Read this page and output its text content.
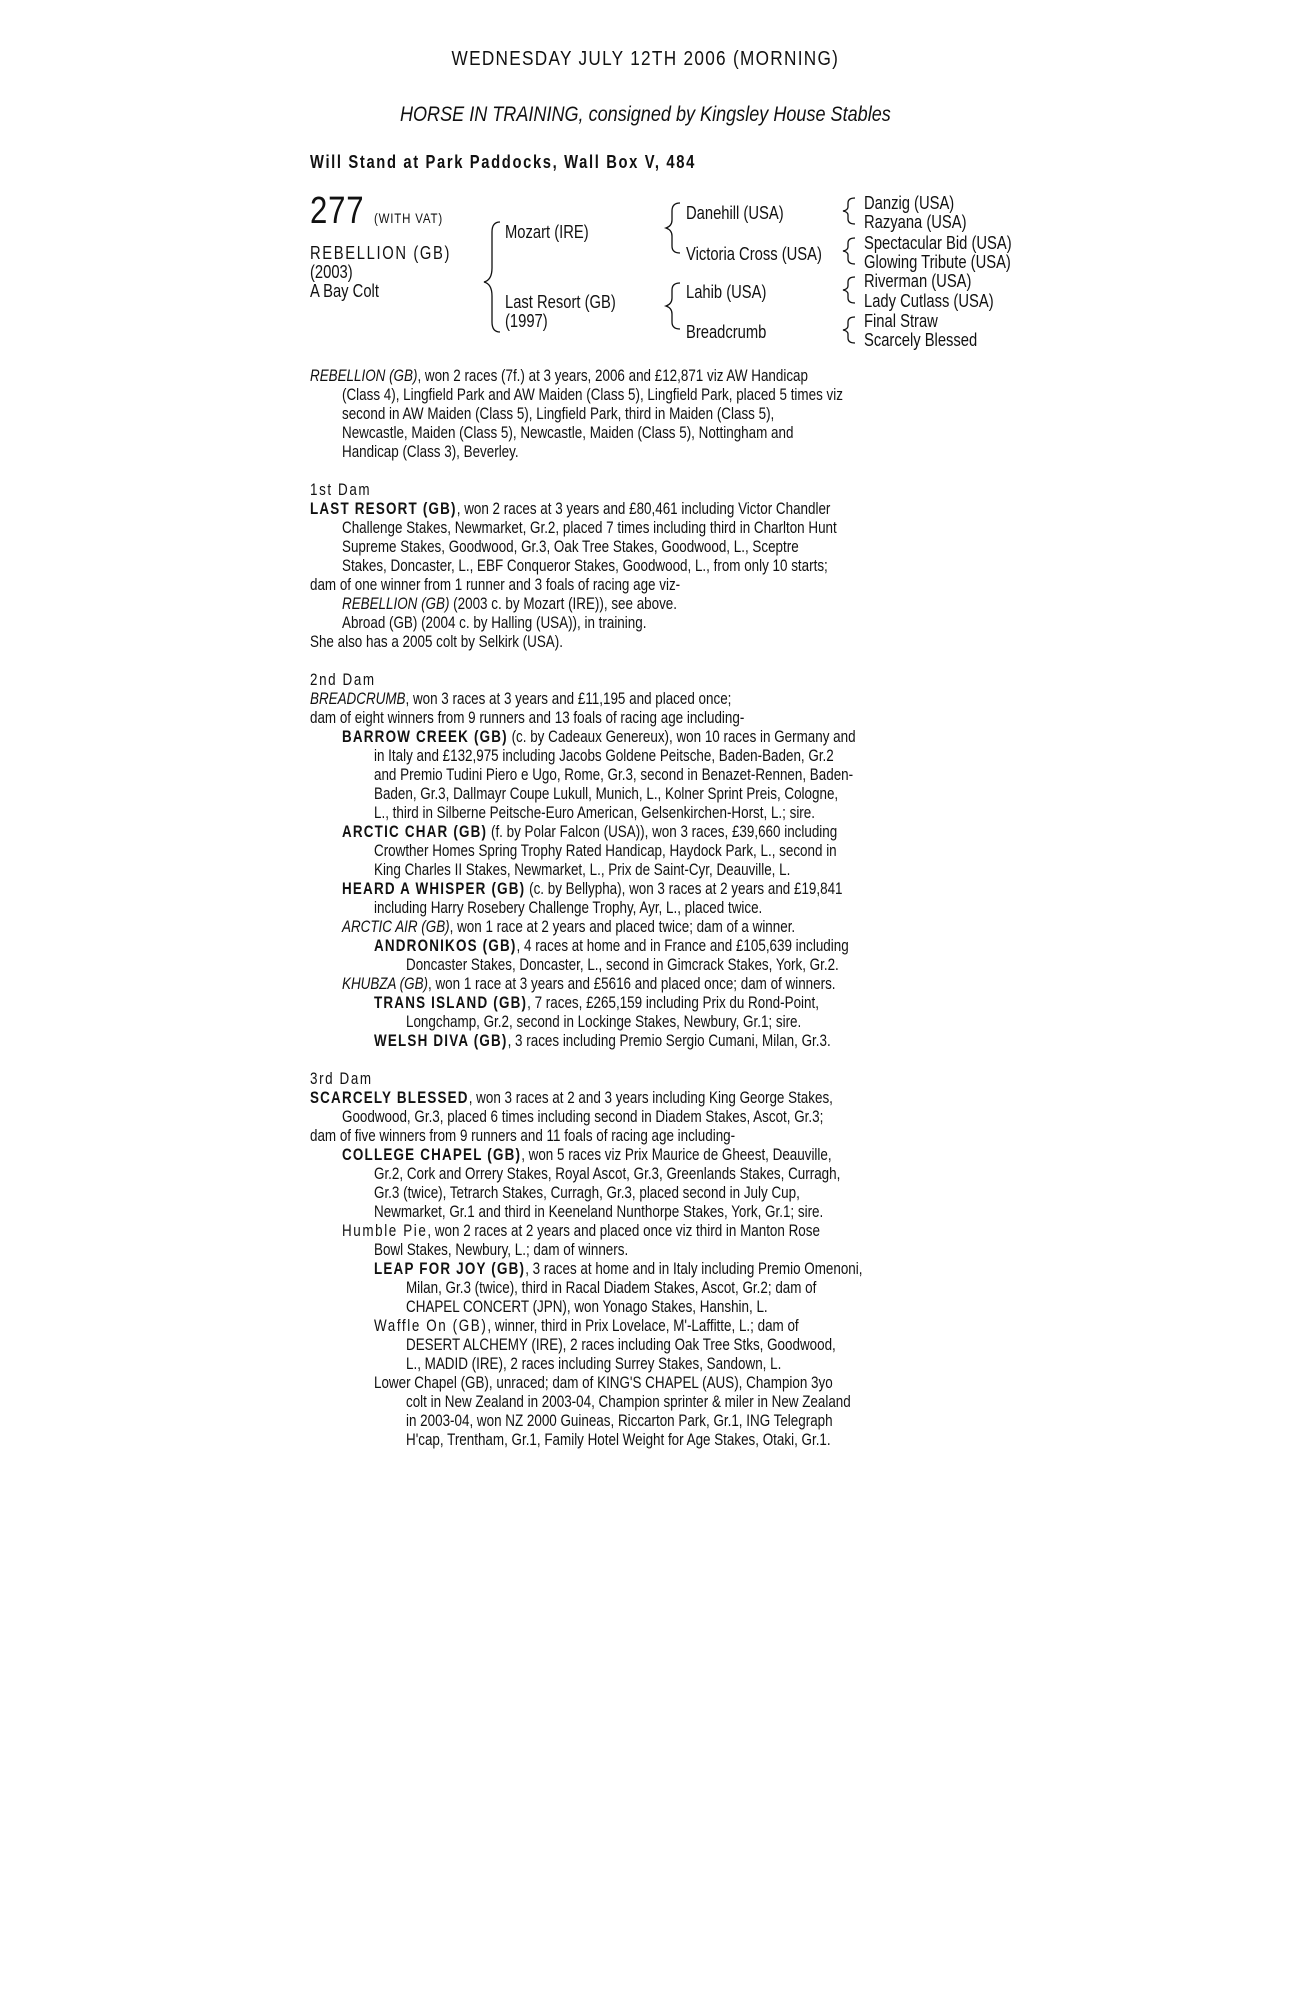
WEDNESDAY JULY 12TH 2006 (MORNING)
HORSE IN TRAINING, consigned by Kingsley House Stables
Will Stand at Park Paddocks, Wall Box V, 484
277 (WITH VAT)
REBELLION (GB)
(2003)
A Bay Colt
Mozart (IRE)
Last Resort (GB)
(1997)
Danehill (USA)
Victoria Cross (USA)
Lahib (USA)
Breadcrumb
Danzig (USA)
Razyana (USA)
Spectacular Bid (USA)
Glowing Tribute (USA)
Riverman (USA)
Lady Cutlass (USA)
Final Straw
Scarcely Blessed
REBELLION (GB), won 2 races (7f.) at 3 years, 2006 and £12,871 viz AW Handicap
(Class 4), Lingfield Park and AW Maiden (Class 5), Lingfield Park, placed 5 times viz
second in AW Maiden (Class 5), Lingfield Park, third in Maiden (Class 5),
Newcastle, Maiden (Class 5), Newcastle, Maiden (Class 5), Nottingham and
Handicap (Class 3), Beverley.
1st Dam
LAST RESORT (GB), won 2 races at 3 years and £80,461 including Victor Chandler
Challenge Stakes, Newmarket, Gr.2, placed 7 times including third in Charlton Hunt
Supreme Stakes, Goodwood, Gr.3, Oak Tree Stakes, Goodwood, L., Sceptre
Stakes, Doncaster, L., EBF Conqueror Stakes, Goodwood, L., from only 10 starts;
dam of one winner from 1 runner and 3 foals of racing age viz-
REBELLION (GB) (2003 c. by Mozart (IRE)), see above.
Abroad (GB) (2004 c. by Halling (USA)), in training.
She also has a 2005 colt by Selkirk (USA).
2nd Dam
BREADCRUMB, won 3 races at 3 years and £11,195 and placed once;
dam of eight winners from 9 runners and 13 foals of racing age including-
BARROW CREEK (GB) (c. by Cadeaux Genereux), won 10 races in Germany and
in Italy and £132,975 including Jacobs Goldene Peitsche, Baden-Baden, Gr.2
and Premio Tudini Piero e Ugo, Rome, Gr.3, second in Benazet-Rennen, Baden-
Baden, Gr.3, Dallmayr Coupe Lukull, Munich, L., Kolner Sprint Preis, Cologne,
L., third in Silberne Peitsche-Euro American, Gelsenkirchen-Horst, L.; sire.
ARCTIC CHAR (GB) (f. by Polar Falcon (USA)), won 3 races, £39,660 including
Crowther Homes Spring Trophy Rated Handicap, Haydock Park, L., second in
King Charles II Stakes, Newmarket, L., Prix de Saint-Cyr, Deauville, L.
HEARD A WHISPER (GB) (c. by Bellypha), won 3 races at 2 years and £19,841
including Harry Rosebery Challenge Trophy, Ayr, L., placed twice.
ARCTIC AIR (GB), won 1 race at 2 years and placed twice; dam of a winner.
ANDRONIKOS (GB), 4 races at home and in France and £105,639 including
Doncaster Stakes, Doncaster, L., second in Gimcrack Stakes, York, Gr.2.
KHUBZA (GB), won 1 race at 3 years and £5616 and placed once; dam of winners.
TRANS ISLAND (GB), 7 races, £265,159 including Prix du Rond-Point,
Longchamp, Gr.2, second in Lockinge Stakes, Newbury, Gr.1; sire.
WELSH DIVA (GB), 3 races including Premio Sergio Cumani, Milan, Gr.3.
3rd Dam
SCARCELY BLESSED, won 3 races at 2 and 3 years including King George Stakes,
Goodwood, Gr.3, placed 6 times including second in Diadem Stakes, Ascot, Gr.3;
dam of five winners from 9 runners and 11 foals of racing age including-
COLLEGE CHAPEL (GB), won 5 races viz Prix Maurice de Gheest, Deauville,
Gr.2, Cork and Orrery Stakes, Royal Ascot, Gr.3, Greenlands Stakes, Curragh,
Gr.3 (twice), Tetrarch Stakes, Curragh, Gr.3, placed second in July Cup,
Newmarket, Gr.1 and third in Keeneland Nunthorpe Stakes, York, Gr.1; sire.
Humble Pie, won 2 races at 2 years and placed once viz third in Manton Rose
Bowl Stakes, Newbury, L.; dam of winners.
LEAP FOR JOY (GB), 3 races at home and in Italy including Premio Omenoni,
Milan, Gr.3 (twice), third in Racal Diadem Stakes, Ascot, Gr.2; dam of
CHAPEL CONCERT (JPN), won Yonago Stakes, Hanshin, L.
Waffle On (GB), winner, third in Prix Lovelace, M'-Laffitte, L.; dam of
DESERT ALCHEMY (IRE), 2 races including Oak Tree Stks, Goodwood,
L., MADID (IRE), 2 races including Surrey Stakes, Sandown, L.
Lower Chapel (GB), unraced; dam of KING'S CHAPEL (AUS), Champion 3yo
colt in New Zealand in 2003-04, Champion sprinter & miler in New Zealand
in 2003-04, won NZ 2000 Guineas, Riccarton Park, Gr.1, ING Telegraph
H'cap, Trentham, Gr.1, Family Hotel Weight for Age Stakes, Otaki, Gr.1.
